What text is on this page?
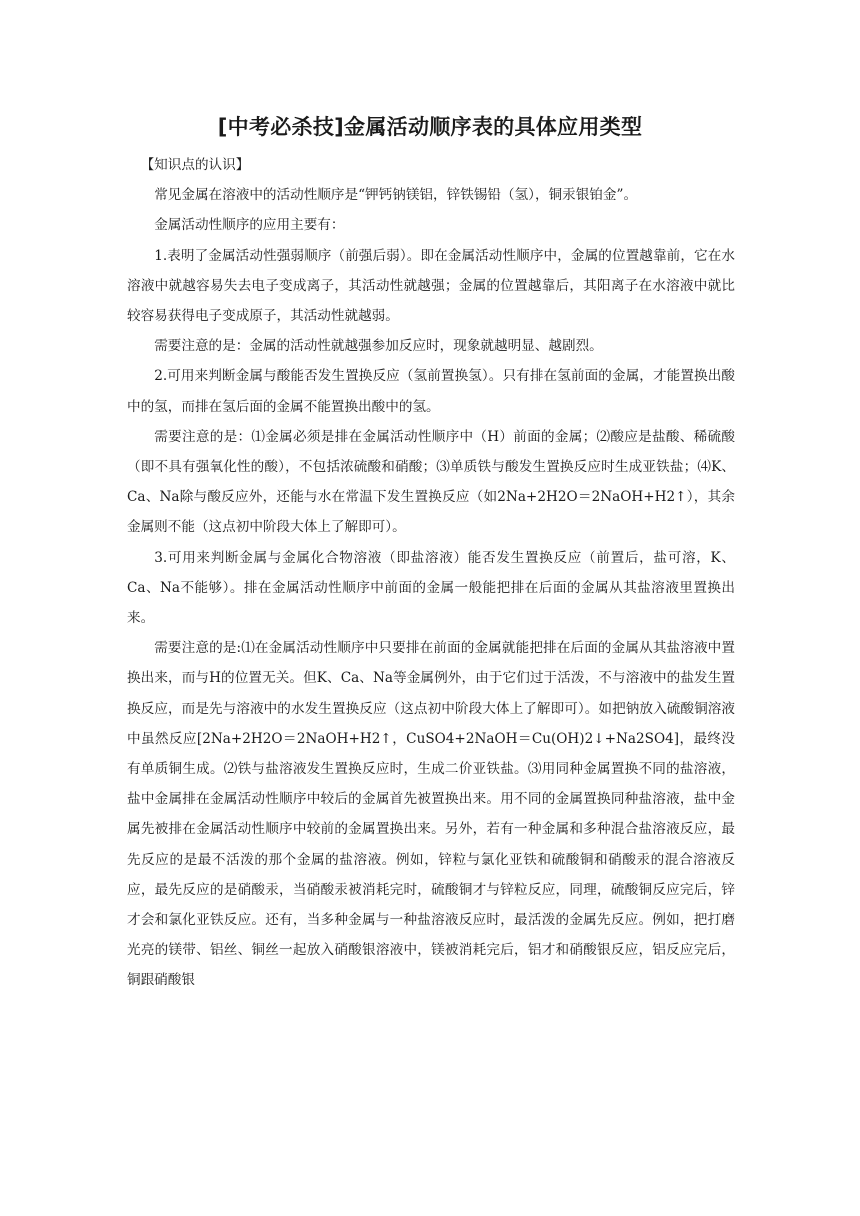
[中考必杀技]金属活动顺序表的具体应用类型

【知识点的认识】

常见金属在溶液中的活动性顺序是“钾钙钠镁铝，锌铁锡铅（氢），铜汞银铂金”。

金属活动性顺序的应用主要有：

1.表明了金属活动性强弱顺序（前强后弱）。即在金属活动性顺序中，金属的位置越靠前，它在水溶液中就越容易失去电子变成离子，其活动性就越强；金属的位置越靠后，其阳离子在水溶液中就比较容易获得电子变成原子，其活动性就越弱。

需要注意的是：金属的活动性就越强参加反应时，现象就越明显、越剧烈。

2.可用来判断金属与酸能否发生置换反应（氢前置换氢）。只有排在氢前面的金属，才能置换出酸中的氢，而排在氢后面的金属不能置换出酸中的氢。

需要注意的是：⑴金属必须是排在金属活动性顺序中（H）前面的金属；⑵酸应是盐酸、稀硫酸（即不具有强氧化性的酸），不包括浓硫酸和硝酸；⑶单质铁与酸发生置换反应时生成亚铁盐；⑷K、Ca、Na除与酸反应外，还能与水在常温下发生置换反应（如2Na+2H2O＝2NaOH+H2↑），其余金属则不能（这点初中阶段大体上了解即可）。

3.可用来判断金属与金属化合物溶液（即盐溶液）能否发生置换反应（前置后，盐可溶，K、Ca、Na不能够）。排在金属活动性顺序中前面的金属一般能把排在后面的金属从其盐溶液里置换出来。

需要注意的是:⑴在金属活动性顺序中只要排在前面的金属就能把排在后面的金属从其盐溶液中置换出来，而与H的位置无关。但K、Ca、Na等金属例外，由于它们过于活泼，不与溶液中的盐发生置换反应，而是先与溶液中的水发生置换反应（这点初中阶段大体上了解即可）。如把钠放入硫酸铜溶液中虽然反应[2Na+2H2O＝2NaOH+H2↑，CuSO4+2NaOH＝Cu(OH)2↓+Na2SO4]，最终没有单质铜生成。⑵铁与盐溶液发生置换反应时，生成二价亚铁盐。⑶用同种金属置换不同的盐溶液，盐中金属排在金属活动性顺序中较后的金属首先被置换出来。用不同的金属置换同种盐溶液，盐中金属先被排在金属活动性顺序中较前的金属置换出来。另外，若有一种金属和多种混合盐溶液反应，最先反应的是最不活泼的那个金属的盐溶液。例如，锌粒与氯化亚铁和硫酸铜和硝酸汞的混合溶液反应，最先反应的是硝酸汞，当硝酸汞被消耗完时，硫酸铜才与锌粒反应，同理，硫酸铜反应完后，锌才会和氯化亚铁反应。还有，当多种金属与一种盐溶液反应时，最活泼的金属先反应。例如，把打磨光亮的镁带、铝丝、铜丝一起放入硝酸银溶液中，镁被消耗完后，铝才和硝酸银反应，铝反应完后，铜跟硝酸银
